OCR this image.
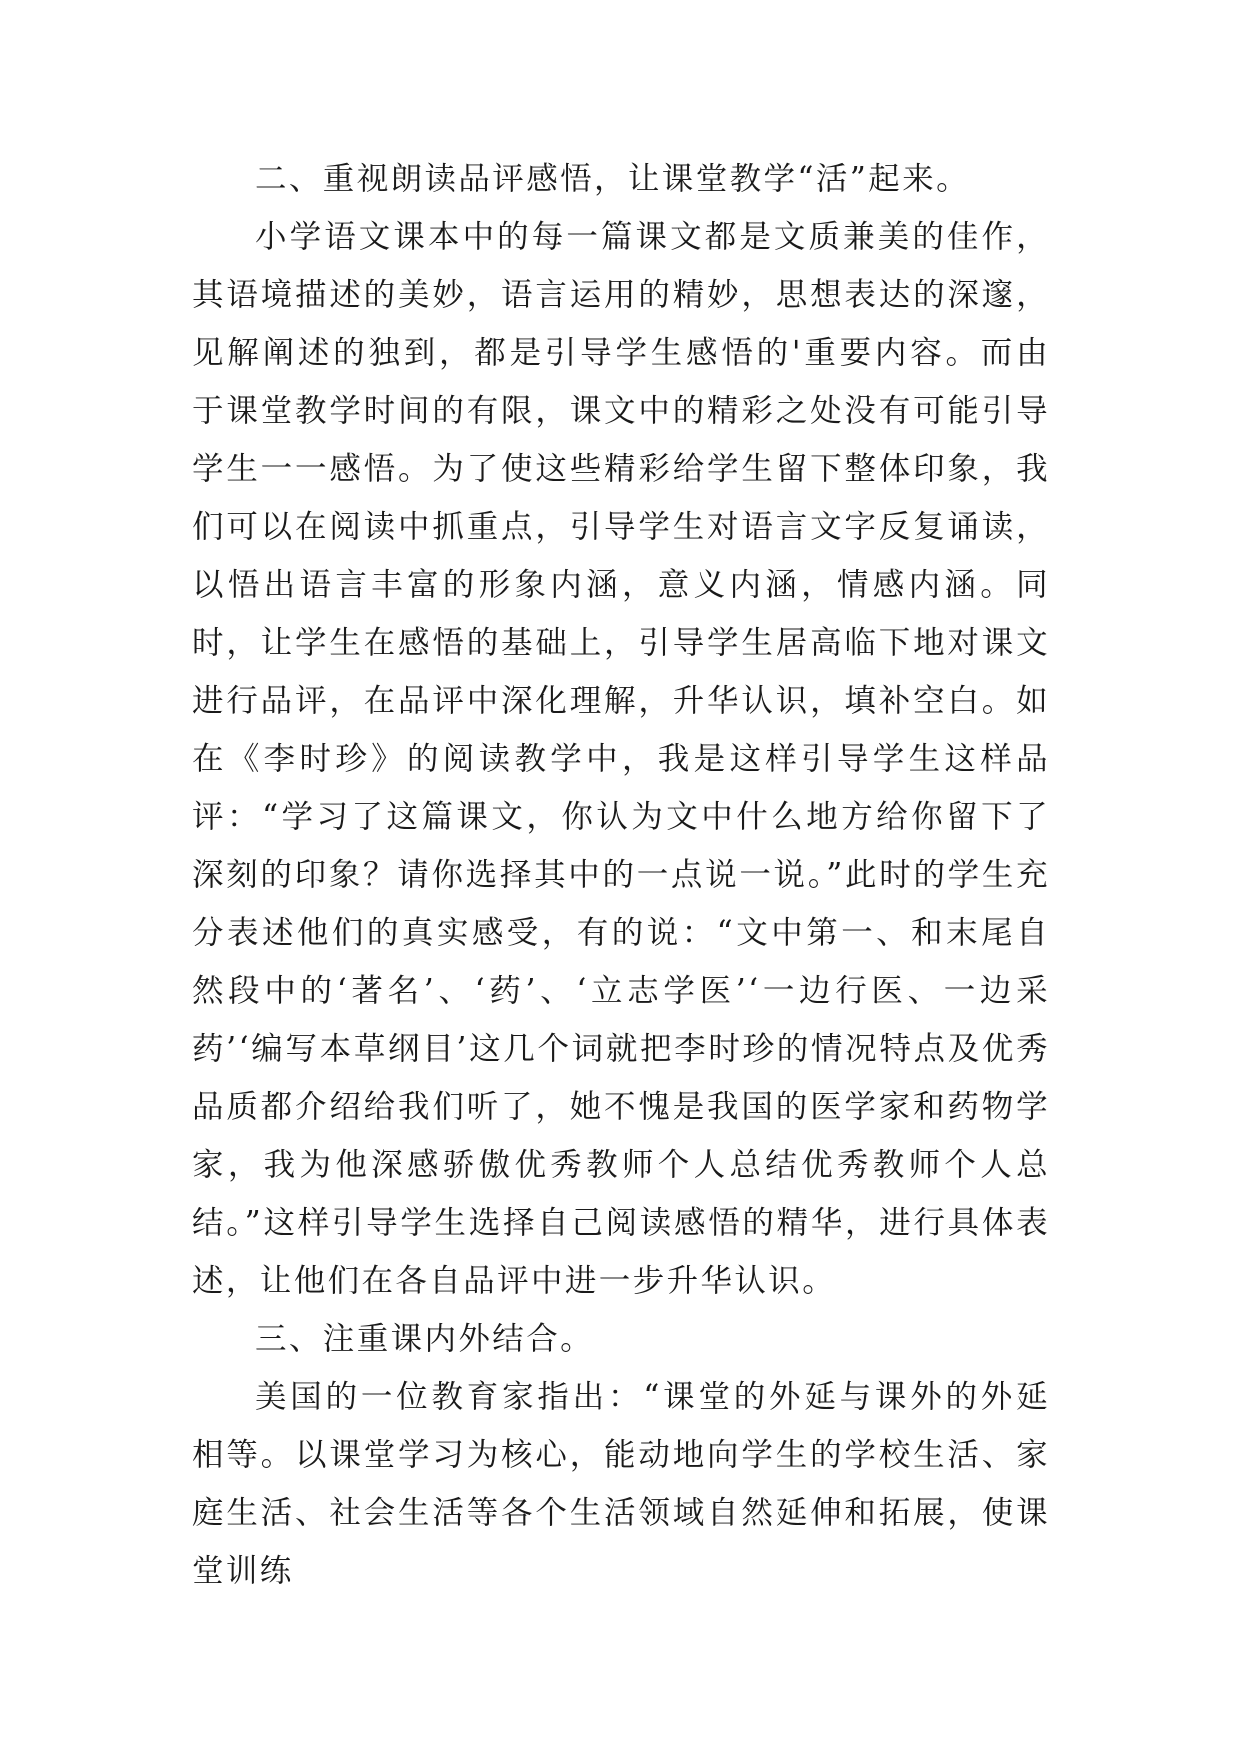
二、重视朗读品评感悟，让课堂教学“活”起来。

小学语文课本中的每一篇课文都是文质兼美的佳作，其语境描述的美妙，语言运用的精妙，思想表达的深邃，见解阐述的独到，都是引导学生感悟的'重要内容。而由于课堂教学时间的有限，课文中的精彩之处没有可能引导学生一一感悟。为了使这些精彩给学生留下整体印象，我们可以在阅读中抓重点，引导学生对语言文字反复诵读，以悟出语言丰富的形象内涵，意义内涵，情感内涵。同时，让学生在感悟的基础上，引导学生居高临下地对课文进行品评，在品评中深化理解，升华认识，填补空白。如在《李时珍》的阅读教学中，我是这样引导学生这样品评：“学习了这篇课文，你认为文中什么地方给你留下了深刻的印象？请你选择其中的一点说一说。”此时的学生充分表述他们的真实感受，有的说：“文中第一、和末尾自然段中的‘著名’、‘药’、‘立志学医’‘一边行医、一边采药’‘编写本草纲目’这几个词就把李时珍的情况特点及优秀品质都介绍给我们听了，她不愧是我国的医学家和药物学家，我为他深感骄傲优秀教师个人总结优秀教师个人总结。”这样引导学生选择自己阅读感悟的精华，进行具体表述，让他们在各自品评中进一步升华认识。

三、注重课内外结合。

美国的一位教育家指出：“课堂的外延与课外的外延相等。以课堂学习为核心，能动地向学生的学校生活、家庭生活、社会生活等各个生活领域自然延伸和拓展，使课堂训练
